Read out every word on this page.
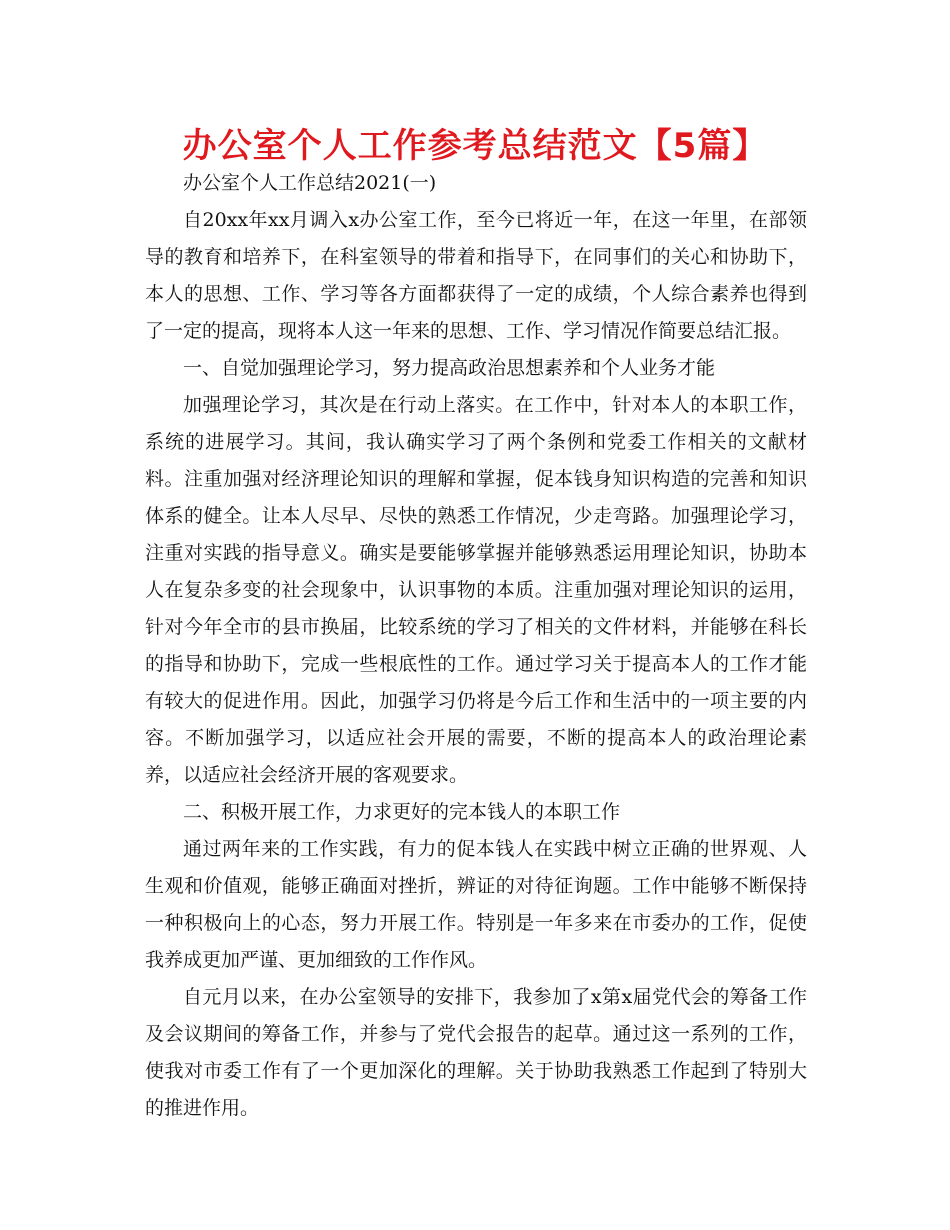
办公室个人工作参考总结范文【5篇】

办公室个人工作总结2021(一)

自20xx年xx月调入x办公室工作，至今已将近一年，在这一年里，在部领导的教育和培养下，在科室领导的带着和指导下，在同事们的关心和协助下，本人的思想、工作、学习等各方面都获得了一定的成绩，个人综合素养也得到了一定的提高，现将本人这一年来的思想、工作、学习情况作简要总结汇报。

一、自觉加强理论学习，努力提高政治思想素养和个人业务才能

加强理论学习，其次是在行动上落实。在工作中，针对本人的本职工作，系统的进展学习。其间，我认确实学习了两个条例和党委工作相关的文献材料。注重加强对经济理论知识的理解和掌握，促本钱身知识构造的完善和知识体系的健全。让本人尽早、尽快的熟悉工作情况，少走弯路。加强理论学习，注重对实践的指导意义。确实是要能够掌握并能够熟悉运用理论知识，协助本人在复杂多变的社会现象中，认识事物的本质。注重加强对理论知识的运用，针对今年全市的县市换届，比较系统的学习了相关的文件材料，并能够在科长的指导和协助下，完成一些根底性的工作。通过学习关于提高本人的工作才能有较大的促进作用。因此，加强学习仍将是今后工作和生活中的一项主要的内容。不断加强学习，以适应社会开展的需要，不断的提高本人的政治理论素养，以适应社会经济开展的客观要求。

二、积极开展工作，力求更好的完本钱人的本职工作

通过两年来的工作实践，有力的促本钱人在实践中树立正确的世界观、人生观和价值观，能够正确面对挫折，辨证的对待征询题。工作中能够不断保持一种积极向上的心态，努力开展工作。特别是一年多来在市委办的工作，促使我养成更加严谨、更加细致的工作作风。

自元月以来，在办公室领导的安排下，我参加了x第x届党代会的筹备工作及会议期间的筹备工作，并参与了党代会报告的起草。通过这一系列的工作，使我对市委工作有了一个更加深化的理解。关于协助我熟悉工作起到了特别大的推进作用。
